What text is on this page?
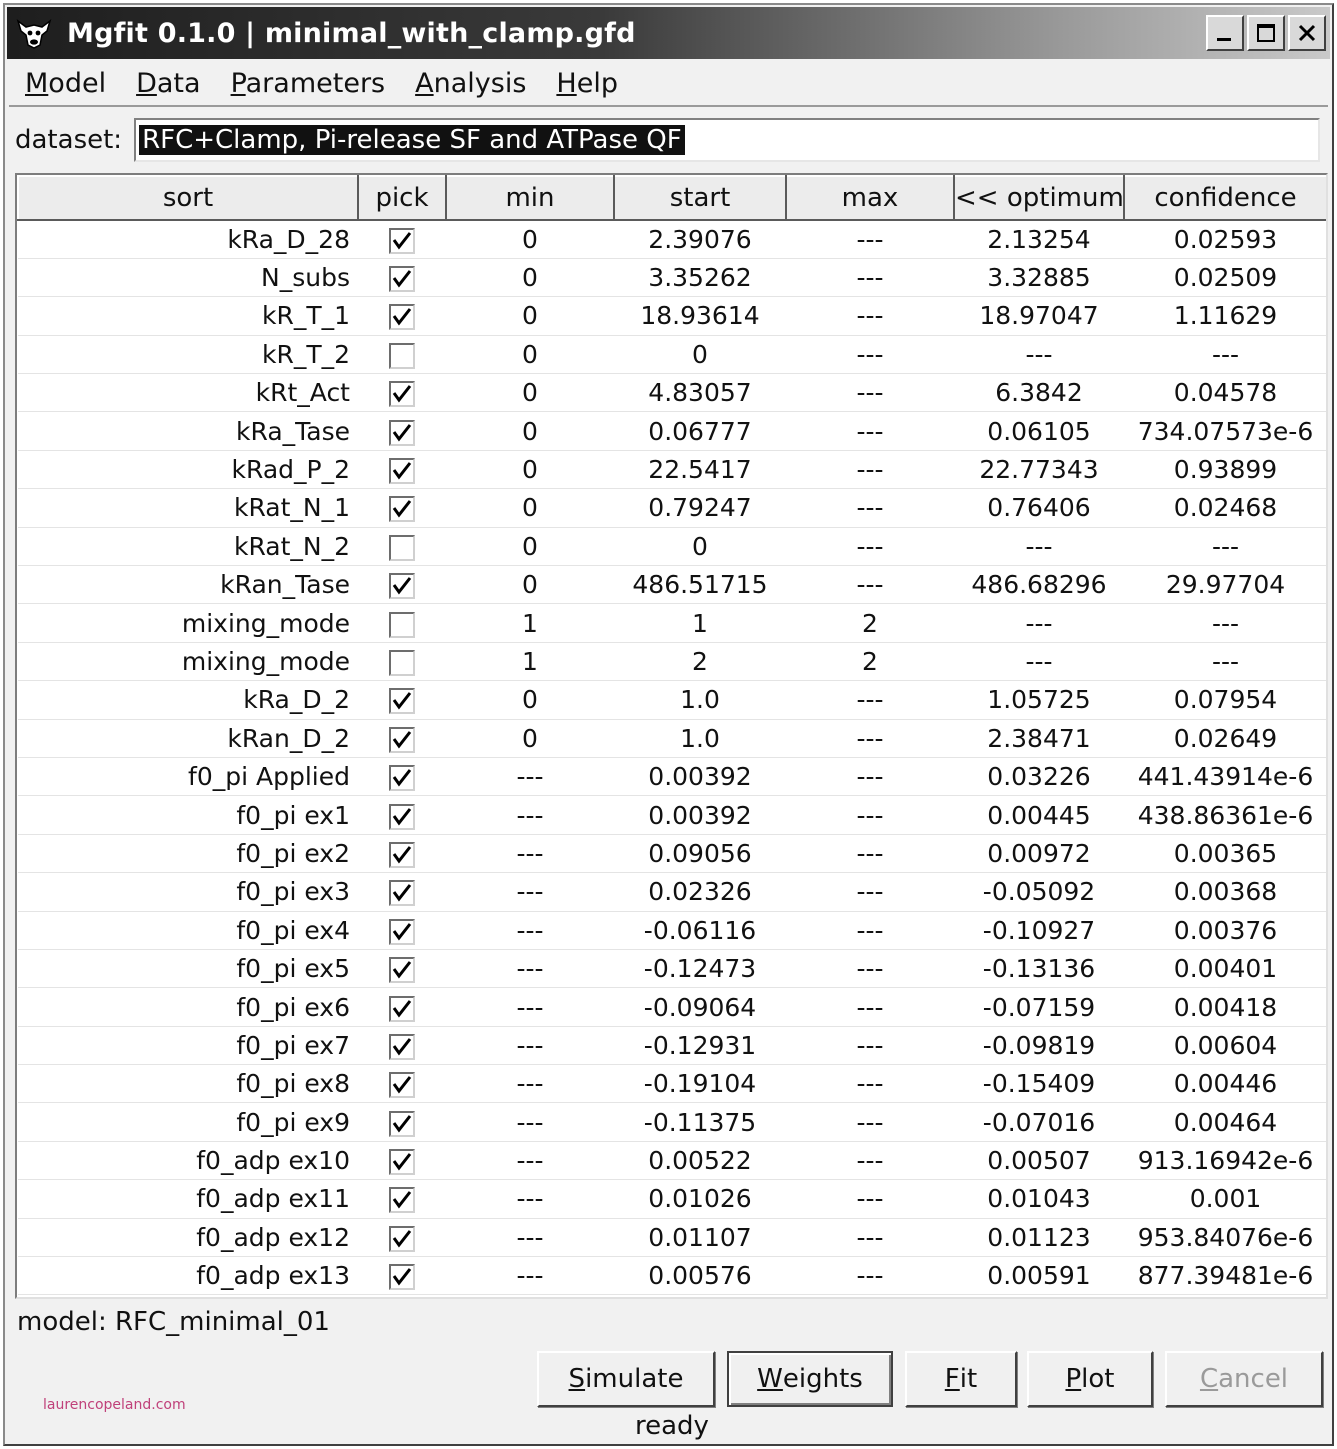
Mgfit 0.1.0 | minimal_with_clamp.gfd
Model Data Parameters Analysis Help
dataset: RFC+Clamp, Pi-release SF and ATPase QF
sort	pick	min	start	max	<< optimum	confidence
kRa_D_28		0	2.39076	---	2.13254	0.02593
N_subs		0	3.35262	---	3.32885	0.02509
kR_T_1		0	18.93614	---	18.97047	1.11629
kR_T_2		0	0	---	---	---
kRt_Act		0	4.83057	---	6.3842	0.04578
kRa_Tase		0	0.06777	---	0.06105	734.07573e-6
kRad_P_2		0	22.5417	---	22.77343	0.93899
kRat_N_1		0	0.79247	---	0.76406	0.02468
kRat_N_2		0	0	---	---	---
kRan_Tase		0	486.51715	---	486.68296	29.97704
mixing_mode		1	1	2	---	---
mixing_mode		1	2	2	---	---
kRa_D_2		0	1.0	---	1.05725	0.07954
kRan_D_2		0	1.0	---	2.38471	0.02649
f0_pi Applied		---	0.00392	---	0.03226	441.43914e-6
f0_pi ex1		---	0.00392	---	0.00445	438.86361e-6
f0_pi ex2		---	0.09056	---	0.00972	0.00365
f0_pi ex3		---	0.02326	---	-0.05092	0.00368
f0_pi ex4		---	-0.06116	---	-0.10927	0.00376
f0_pi ex5		---	-0.12473	---	-0.13136	0.00401
f0_pi ex6		---	-0.09064	---	-0.07159	0.00418
f0_pi ex7		---	-0.12931	---	-0.09819	0.00604
f0_pi ex8		---	-0.19104	---	-0.15409	0.00446
f0_pi ex9		---	-0.11375	---	-0.07016	0.00464
f0_adp ex10		---	0.00522	---	0.00507	913.16942e-6
f0_adp ex11		---	0.01026	---	0.01043	0.001
f0_adp ex12		---	0.01107	---	0.01123	953.84076e-6
f0_adp ex13		---	0.00576	---	0.00591	877.39481e-6
model: RFC_minimal_01
laurencopeland.com
S imulate	W eights	F it	P lot	C ancel
ready
